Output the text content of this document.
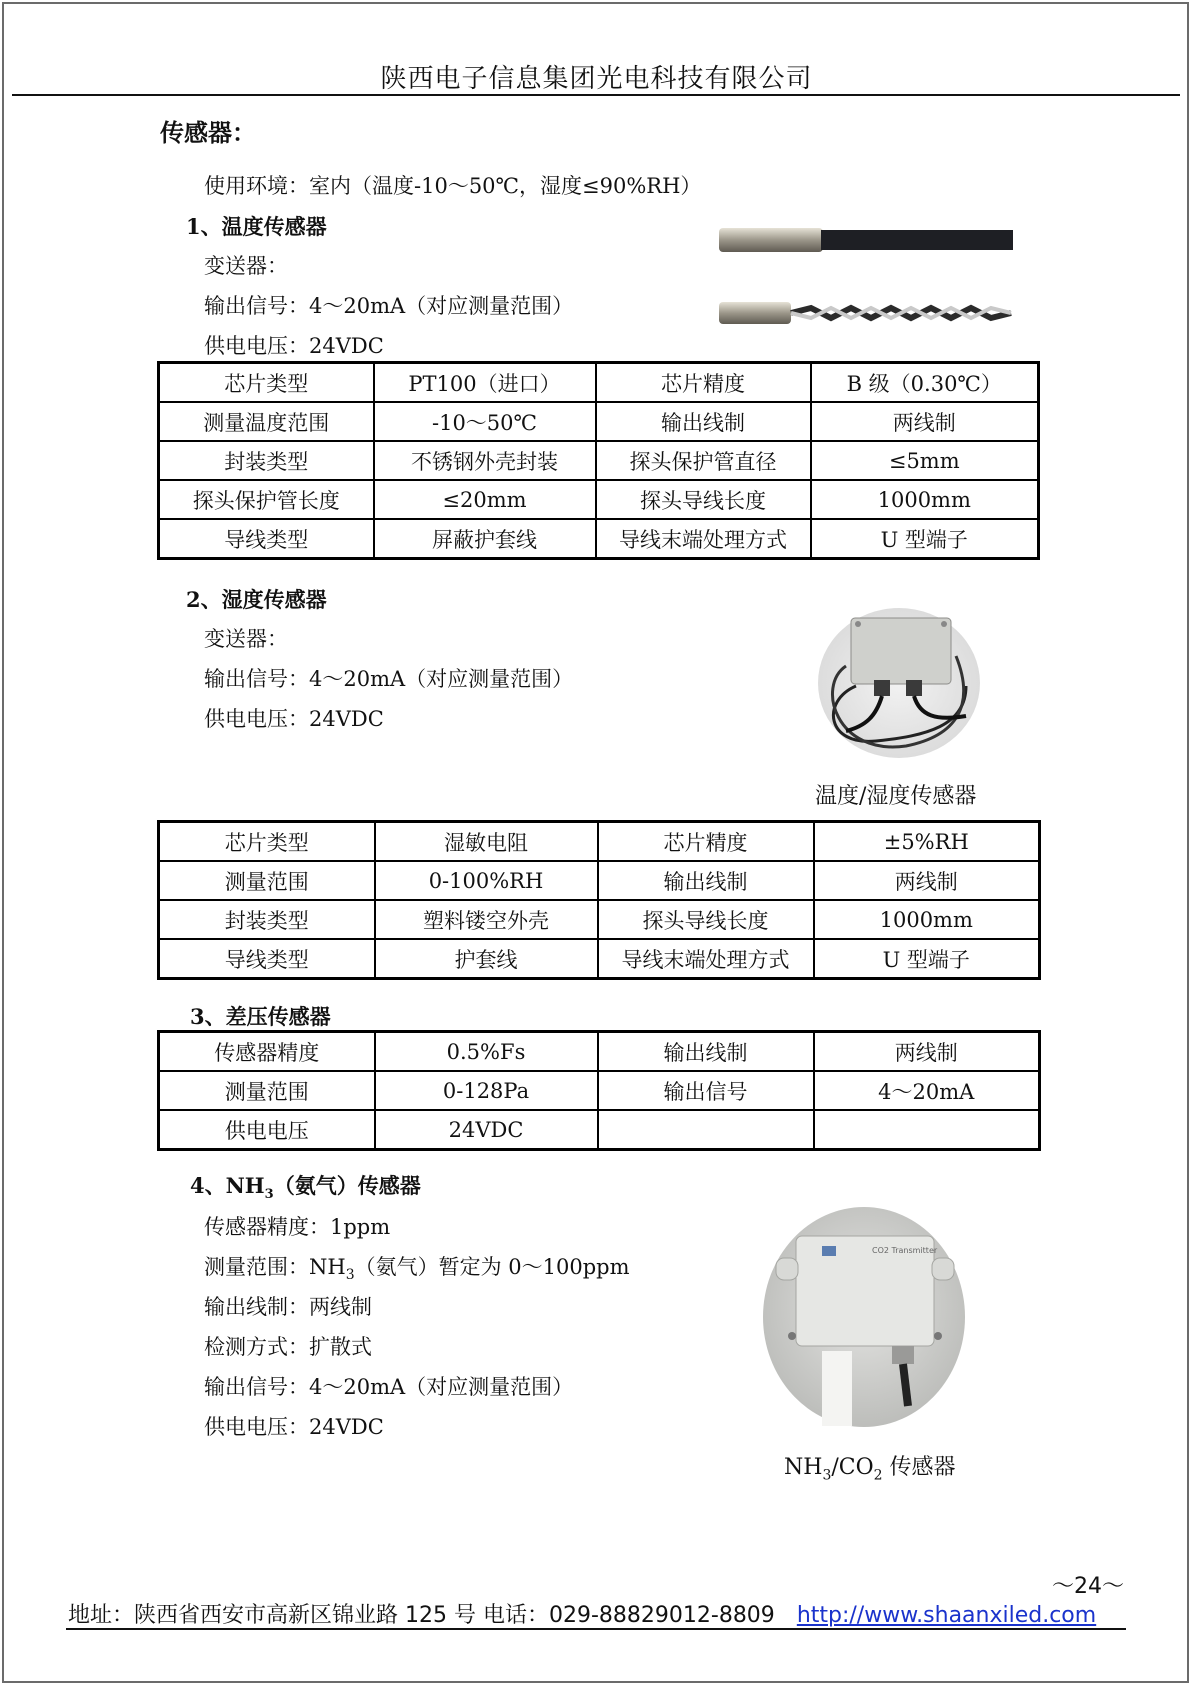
陕西电子信息集团光电科技有限公司
传感器：
使用环境：室内（温度-10～50℃，湿度≤90%RH）
1、温度传感器
变送器：
输出信号：4～20mA（对应测量范围）
供电电压：24VDC
芯片类型	PT100（进口）	芯片精度	B 级（0.30℃）
测量温度范围	-10～50℃	输出线制	两线制
封装类型	不锈钢外壳封装	探头保护管直径	≤5mm
探头保护管长度	≤20mm	探头导线长度	1000mm
导线类型	屏蔽护套线	导线末端处理方式	U 型端子
2、湿度传感器
变送器：
输出信号：4～20mA（对应测量范围）
供电电压：24VDC
温度/湿度传感器
芯片类型	湿敏电阻	芯片精度	±5%RH
测量范围	0-100%RH	输出线制	两线制
封装类型	塑料镂空外壳	探头导线长度	1000mm
导线类型	护套线	导线末端处理方式	U 型端子
3、差压传感器
传感器精度	0.5%Fs	输出线制	两线制
测量范围	0-128Pa	输出信号	4～20mA
供电电压	24VDC		
4、$NH_3$（氨气）传感器
传感器精度：1ppm
测量范围：$NH_3$（氨气）暂定为 0～100ppm
输出线制：两线制
检测方式：扩散式
输出信号：4～20mA（对应测量范围）
供电电压：24VDC
CO2 Transmitter
$NH_3/CO_2$ 传感器
～24～
地址：陕西省西安市高新区锦业路 125 号 电话：029-88829012-8809 http://www.shaanxiled.com
